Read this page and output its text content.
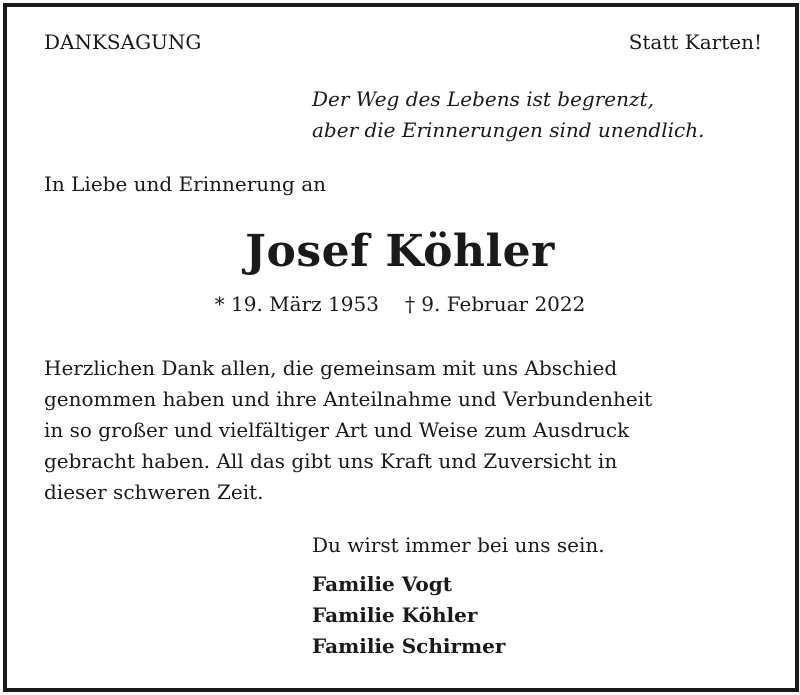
DANKSAGUNG	Statt Karten!
Der Weg des Lebens ist begrenzt,
aber die Erinnerungen sind unendlich.
In Liebe und Erinnerung an
Josef Köhler
* 19. März 1953 † 9. Februar 2022
Herzlichen Dank allen, die gemeinsam mit uns Abschied
genommen haben und ihre Anteilnahme und Verbundenheit
in so großer und vielfältiger Art und Weise zum Ausdruck
gebracht haben. All das gibt uns Kraft und Zuversicht in
dieser schweren Zeit.
Du wirst immer bei uns sein.
Familie Vogt
Familie Köhler
Familie Schirmer
